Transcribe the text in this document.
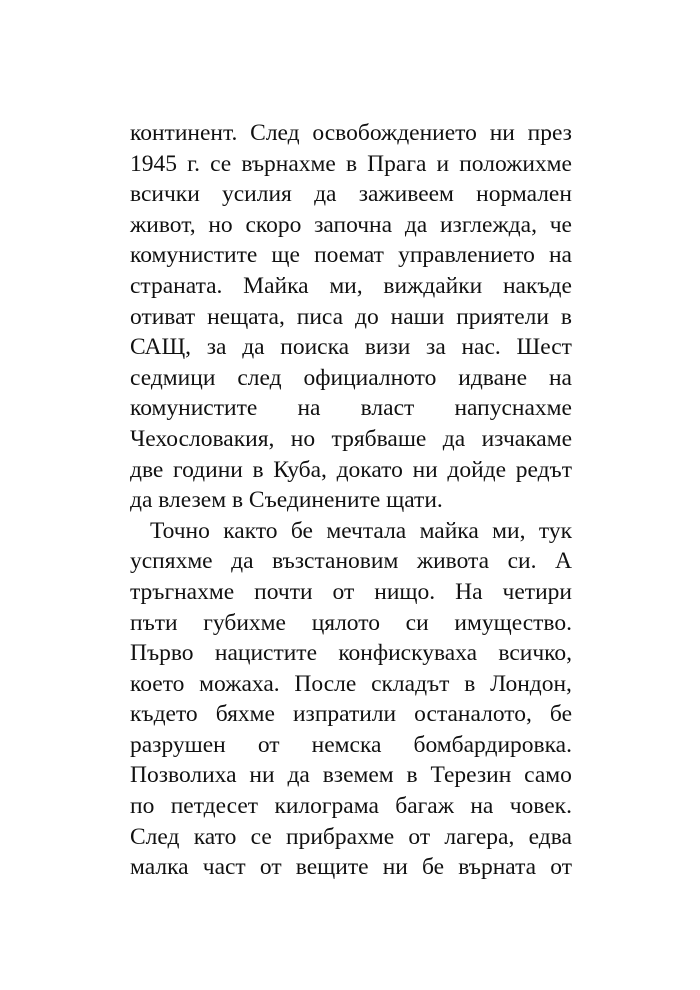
континент. След освобождението ни през
1945 г. се върнахме в Прага и положихме
всички усилия да заживеем нормален
живот, но скоро започна да изглежда, че
комунистите ще поемат управлението на
страната. Майка ми, виждайки накъде
отиват нещата, писа до наши приятели в
САЩ, за да поиска визи за нас. Шест
седмици след официалното идване на
комунистите на власт напуснахме
Чехословакия, но трябваше да изчакаме
две години в Куба, докато ни дойде редът
да влезем в Съединените щати.
Точно както бе мечтала майка ми, тук
успяхме да възстановим живота си. А
тръгнахме почти от нищо. На четири
пъти губихме цялото си имущество.
Първо нацистите конфискуваха всичко,
което можаха. После складът в Лондон,
където бяхме изпратили останалото, бе
разрушен от немска бомбардировка.
Позволиха ни да вземем в Терезин само
по петдесет килограма багаж на човек.
След като се прибрахме от лагера, едва
малка част от вещите ни бе върната от
